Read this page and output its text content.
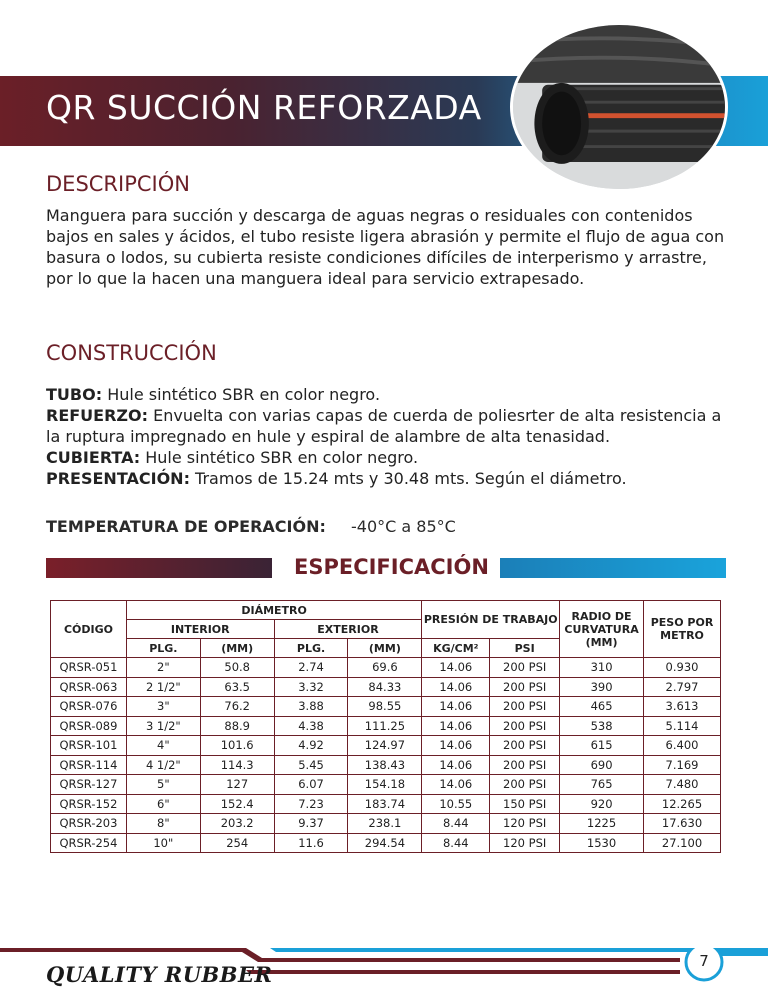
QR SUCCIÓN REFORZADA
DESCRIPCIÓN

Manguera para succión y descarga de aguas negras o residuales con contenidos bajos en sales y ácidos, el tubo resiste ligera abrasión y permite el flujo de agua con basura o lodos, su cubierta resiste condiciones difíciles de interperismo y arrastre, por lo que la hacen una manguera ideal para servicio extrapesado.

CONSTRUCCIÓN
TUBO: Hule sintético SBR en color negro.
REFUERZO: Envuelta con varias capas de cuerda de poliesrter de alta resistencia a la ruptura impregnado en hule y espiral de alambre de alta tenasidad.
CUBIERTA: Hule sintético SBR en color negro.
PRESENTACIÓN: Tramos de 15.24 mts y 30.48 mts. Según el diámetro.
TEMPERATURA DE OPERACIÓN: -40°C a 85°C
ESPECIFICACIÓN
CÓDIGO	DIÁMETRO				PRESIÓN DE TRABAJO		RADIO DE CURVATURA (MM)	PESO POR METRO
	INTERIOR		EXTERIOR					
	PLG.	(MM)	PLG.	(MM)	KG/CM²	PSI		
QRSR-051	2"	50.8	2.74	69.6	14.06	200 PSI	310	0.930
QRSR-063	2 1/2"	63.5	3.32	84.33	14.06	200 PSI	390	2.797
QRSR-076	3"	76.2	3.88	98.55	14.06	200 PSI	465	3.613
QRSR-089	3 1/2"	88.9	4.38	111.25	14.06	200 PSI	538	5.114
QRSR-101	4"	101.6	4.92	124.97	14.06	200 PSI	615	6.400
QRSR-114	4 1/2"	114.3	5.45	138.43	14.06	200 PSI	690	7.169
QRSR-127	5"	127	6.07	154.18	14.06	200 PSI	765	7.480
QRSR-152	6"	152.4	7.23	183.74	10.55	150 PSI	920	12.265
QRSR-203	8"	203.2	9.37	238.1	8.44	120 PSI	1225	17.630
QRSR-254	10"	254	11.6	294.54	8.44	120 PSI	1530	27.100
7
QUALITY RUBBER
